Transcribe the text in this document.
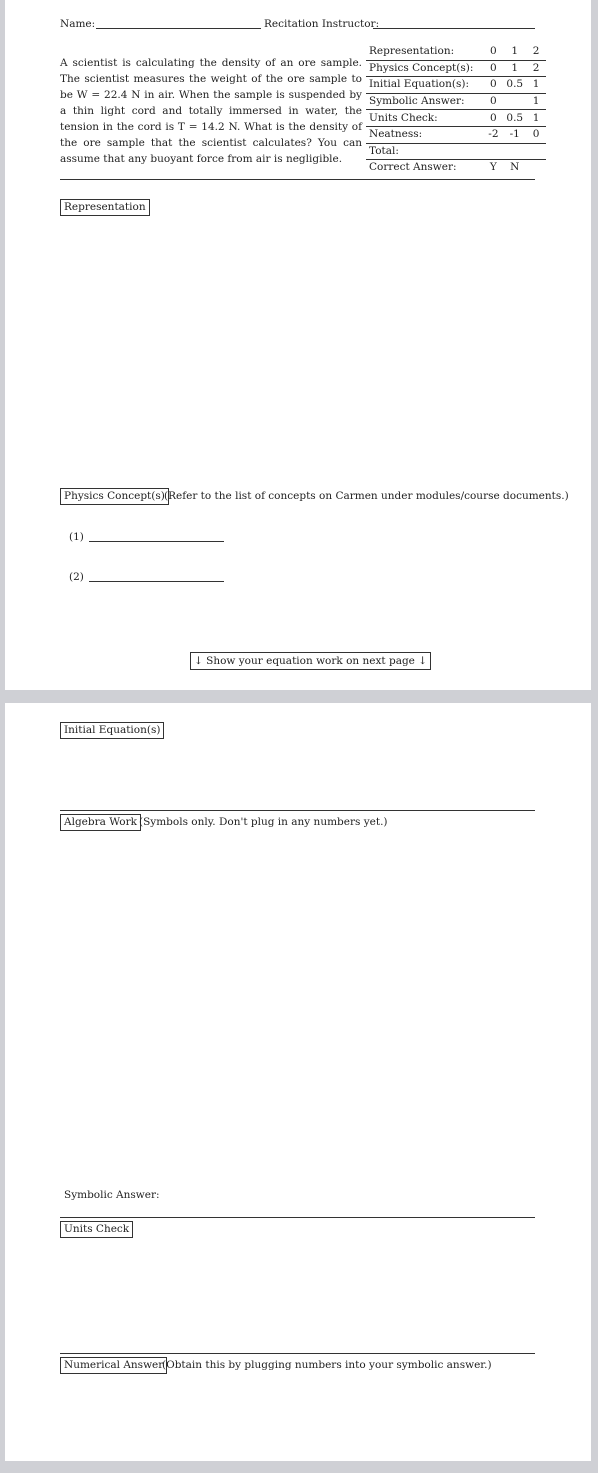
Name:	Recitation Instructor:
A scientist is calculating the density of an ore sample. The scientist measures the weight of the ore sample to be W = 22.4 N in air. When the sample is suspended by a thin light cord and totally immersed in water, the tension in the cord is T = 14.2 N. What is the density of the ore sample that the scientist calculates? You can assume that any buoyant force from air is negligible.
Representation:	0	1	2
Physics Concept(s):	0	1	2
Initial Equation(s):	0	0.5	1
Symbolic Answer:	0		1
Units Check:	0	0.5	1
Neatness:	-2	-1	0
Total:			
Correct Answer:	Y	N	
Representation
Physics Concept(s) (Refer to the list of concepts on Carmen under modules/course documents.)
(1)
(2)
↓ Show your equation work on next page ↓
Initial Equation(s)
Algebra Work (Symbols only. Don't plug in any numbers yet.)
Symbolic Answer:
Units Check
Numerical Answer
(Obtain this by plugging numbers into your symbolic answer.)
